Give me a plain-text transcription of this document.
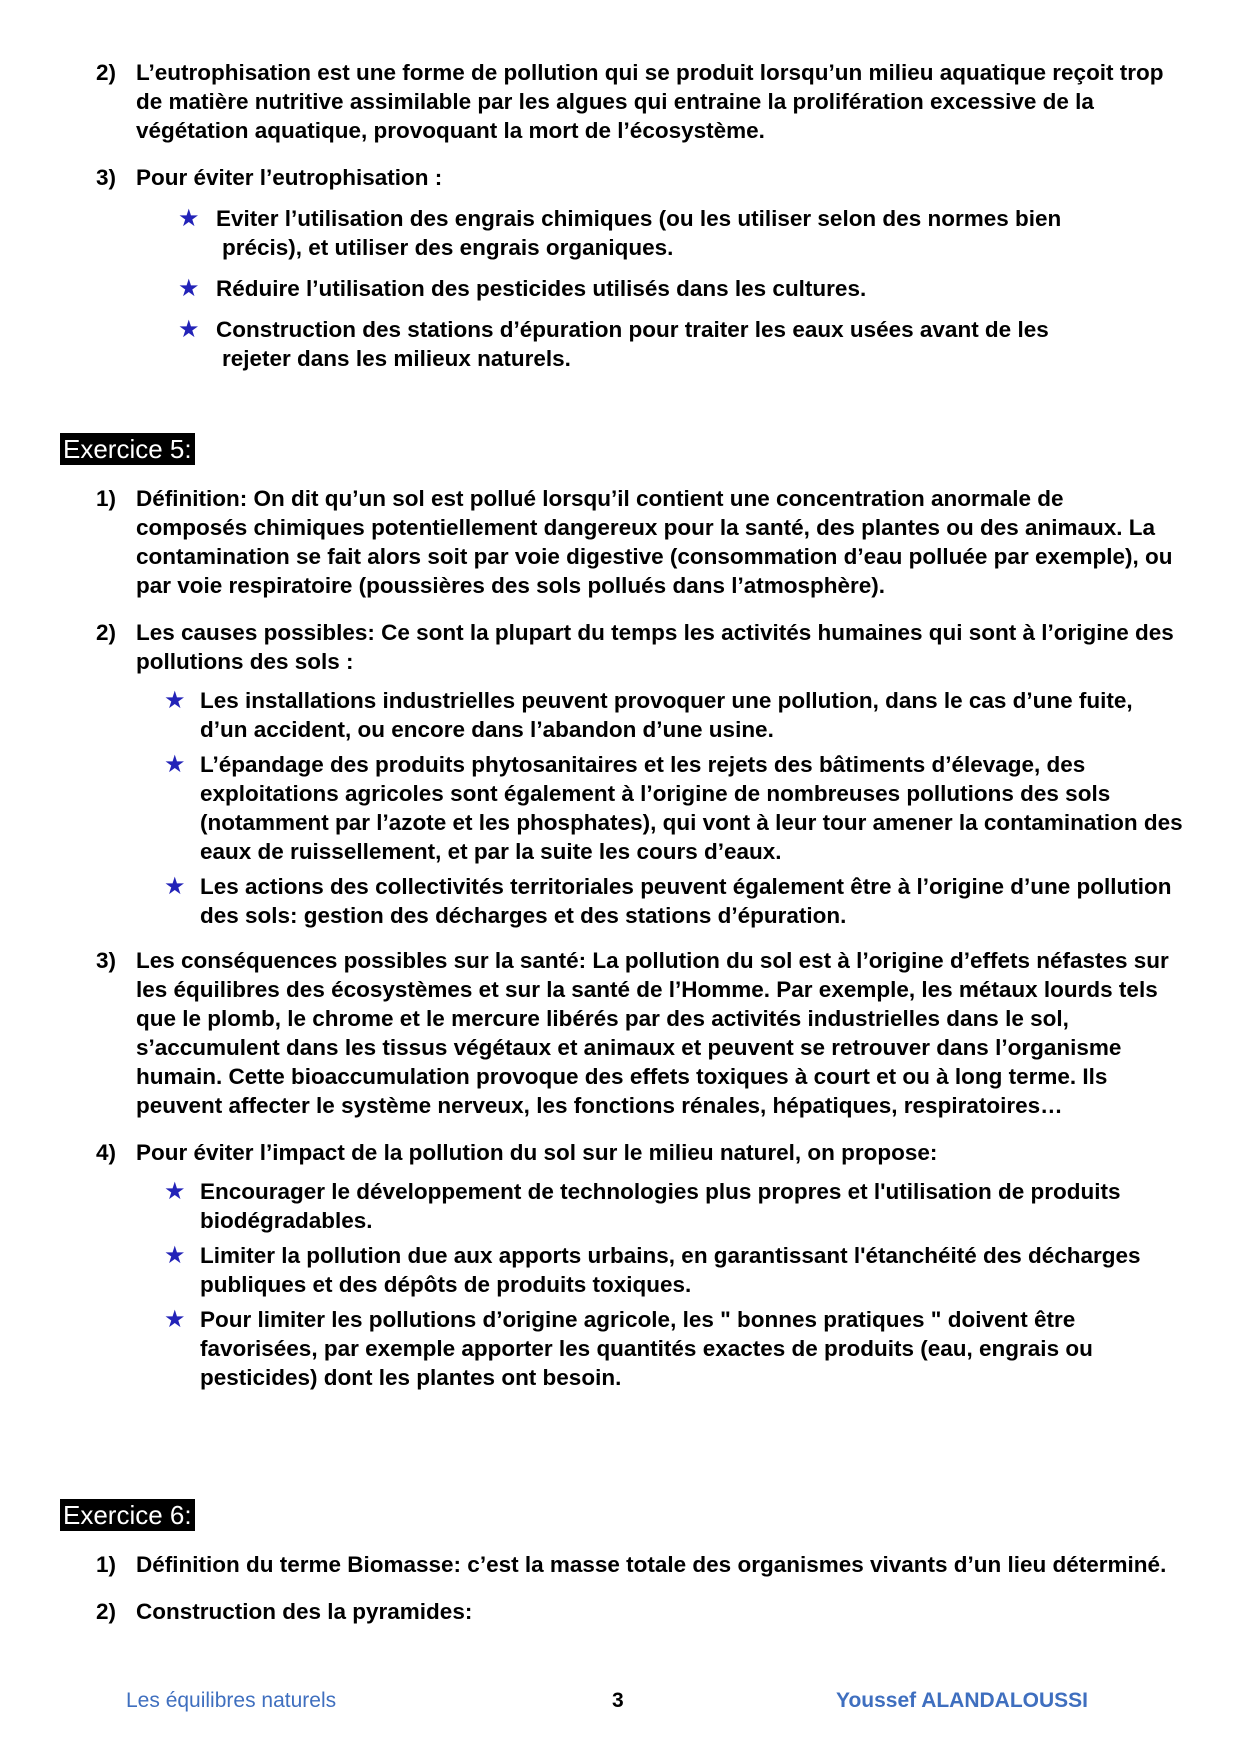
2) L’eutrophisation est une forme de pollution qui se produit lorsqu’un milieu aquatique reçoit trop de matière nutritive assimilable par les algues qui entraine la prolifération excessive de la végétation aquatique, provoquant la mort de l’écosystème.
3) Pour éviter l’eutrophisation :
★ Eviter l’utilisation des engrais chimiques (ou les utiliser selon des normes bien
précis), et utiliser des engrais organiques.
★ Réduire l’utilisation des pesticides utilisés dans les cultures.
★ Construction des stations d’épuration pour traiter les eaux usées avant de les
rejeter dans les milieux naturels.
Exercice 5:
1) Définition: On dit qu’un sol est pollué lorsqu’il contient une concentration anormale de composés chimiques potentiellement dangereux pour la santé, des plantes ou des animaux. La contamination se fait alors soit par voie digestive (consommation d’eau polluée par exemple), ou par voie respiratoire (poussières des sols pollués dans l’atmosphère).
2) Les causes possibles: Ce sont la plupart du temps les activités humaines qui sont à l’origine des pollutions des sols :
★ Les installations industrielles peuvent provoquer une pollution, dans le cas d’une fuite, d’un accident, ou encore dans l’abandon d’une usine.
★ L’épandage des produits phytosanitaires et les rejets des bâtiments d’élevage, des exploitations agricoles sont également à l’origine de nombreuses pollutions des sols (notamment par l’azote et les phosphates), qui vont à leur tour amener la contamination des eaux de ruissellement, et par la suite les cours d’eaux.
★ Les actions des collectivités territoriales peuvent également être à l’origine d’une pollution des sols: gestion des décharges et des stations d’épuration.
3) Les conséquences possibles sur la santé: La pollution du sol est à l’origine d’effets néfastes sur les équilibres des écosystèmes et sur la santé de l’Homme. Par exemple, les métaux lourds tels que le plomb, le chrome et le mercure libérés par des activités industrielles dans le sol, s’accumulent dans les tissus végétaux et animaux et peuvent se retrouver dans l’organisme humain. Cette bioaccumulation provoque des effets toxiques à court et ou à long terme. Ils peuvent affecter le système nerveux, les fonctions rénales, hépatiques, respiratoires…
4) Pour éviter l’impact de la pollution du sol sur le milieu naturel, on propose:
★ Encourager le développement de technologies plus propres et l'utilisation de produits biodégradables.
★ Limiter la pollution due aux apports urbains, en garantissant l'étanchéité des décharges publiques et des dépôts de produits toxiques.
★ Pour limiter les pollutions d’origine agricole, les " bonnes pratiques " doivent être favorisées, par exemple apporter les quantités exactes de produits (eau, engrais ou pesticides) dont les plantes ont besoin.
Exercice 6:
1) Définition du terme Biomasse: c’est la masse totale des organismes vivants d’un lieu déterminé.
2) Construction des la pyramides:
Les équilibres naturels	3	Youssef ALANDALOUSSI
